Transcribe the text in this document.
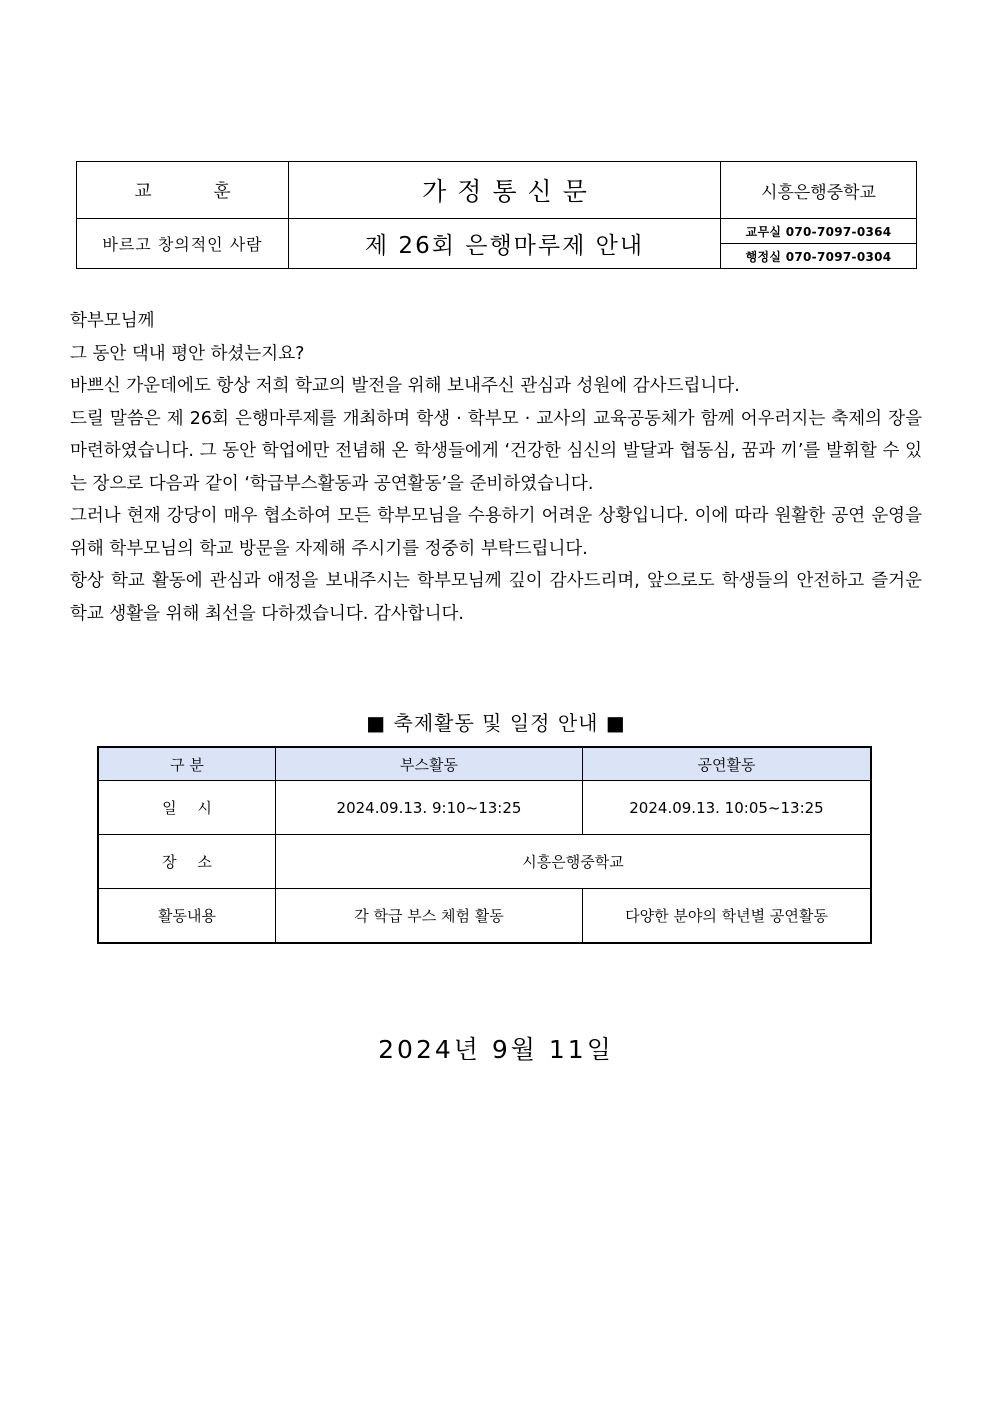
교 훈	가정통신문	시흥은행중학교
바르고 창의적인 사람	제 26회 은행마루제 안내	교무실 070-7097-0364
		행정실 070-7097-0304

학부모님께

그 동안 댁내 평안 하셨는지요?

바쁘신 가운데에도 항상 저희 학교의 발전을 위해 보내주신 관심과 성원에 감사드립니다.

드릴 말씀은 제 26회 은행마루제를 개최하며 학생 · 학부모 · 교사의 교육공동체가 함께 어우러지는 축제의 장을 마련하였습니다. 그 동안 학업에만 전념해 온 학생들에게 ‘건강한 심신의 발달과 협동심, 꿈과 끼’를 발휘할 수 있는 장으로 다음과 같이 ‘학급부스활동과 공연활동’을 준비하였습니다.

그러나 현재 강당이 매우 협소하여 모든 학부모님을 수용하기 어려운 상황입니다. 이에 따라 원활한 공연 운영을 위해 학부모님의 학교 방문을 자제해 주시기를 정중히 부탁드립니다.

항상 학교 활동에 관심과 애정을 보내주시는 학부모님께 깊이 감사드리며, 앞으로도 학생들의 안전하고 즐거운 학교 생활을 위해 최선을 다하겠습니다. 감사합니다.

■ 축제활동 및 일정 안내 ■
구 분	부스활동	공연활동
일 시	2024.09.13. 9:10~13:25	2024.09.13. 10:05~13:25
장 소	시흥은행중학교	
활동내용	각 학급 부스 체험 활동	다양한 분야의 학년별 공연활동
2024년 9월 11일
